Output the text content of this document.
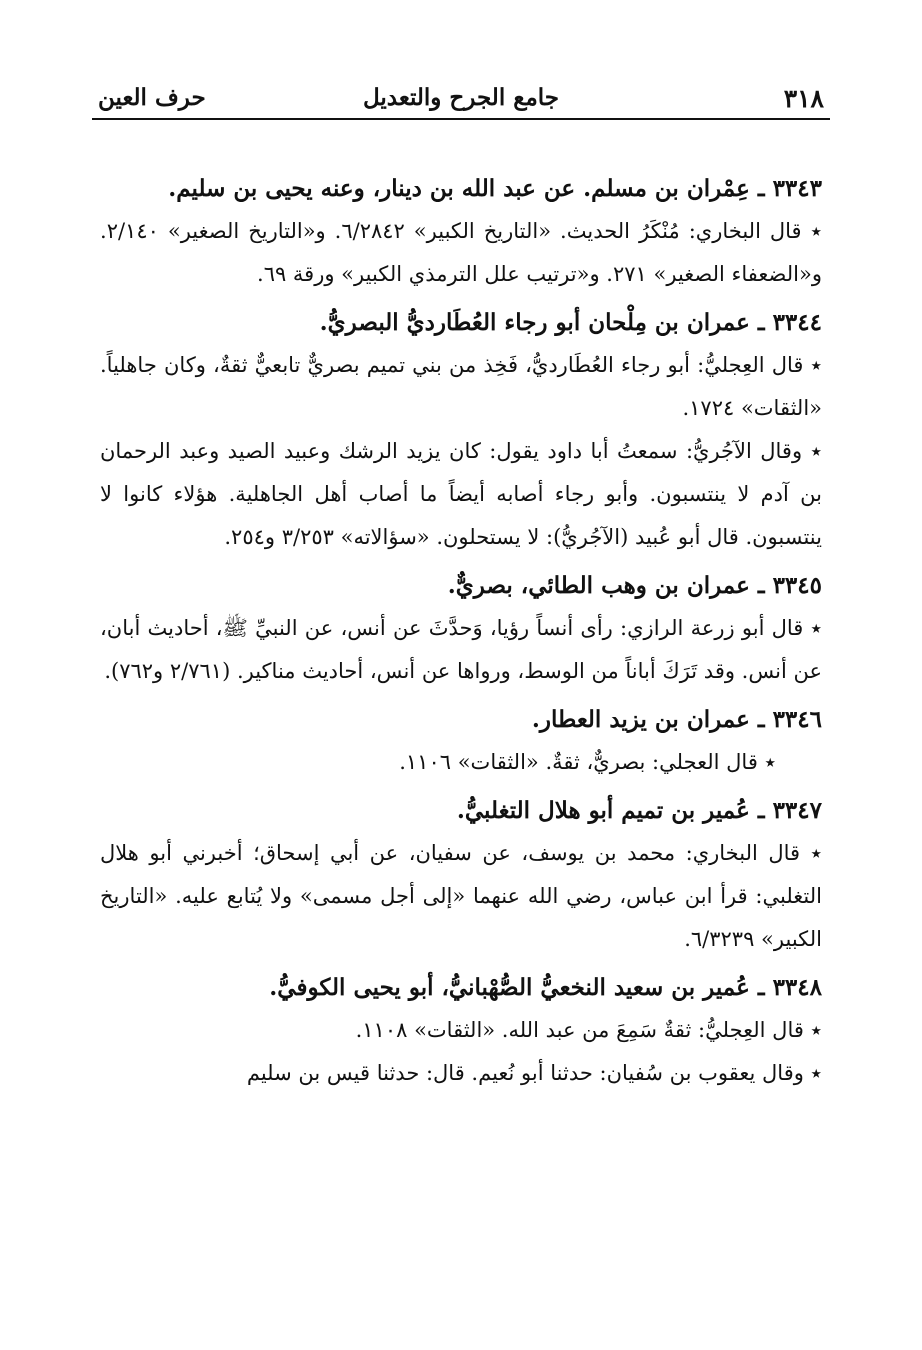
٣١٨
جامع الجرح والتعديل
حرف العين

٣٣٤٣ ـ عِمْران بن مسلم. عن عبد الله بن دينار، وعنه يحيى بن سليم.

٭ قال البخاري: مُنْكَرُ الحديث. «التاريخ الكبير» ٦/٢٨٤٢. و«التاريخ الصغير» ٢/١٤٠. و«الضعفاء الصغير» ٢٧١. و«ترتيب علل الترمذي الكبير» ورقة ٦٩.

٣٣٤٤ ـ عمران بن مِلْحان أبو رجاء العُطَارديُّ البصريُّ.

٭ قال العِجليُّ: أبو رجاء العُطَارديُّ، فَخِذ من بني تميم بصريٌّ تابعيٌّ ثقةٌ، وكان جاهلياً. «الثقات» ١٧٢٤.

٭ وقال الآجُريُّ: سمعتُ أبا داود يقول: كان يزيد الرشك وعبيد الصيد وعبد الرحمان بن آدم لا ينتسبون. وأبو رجاء أصابه أيضاً ما أصاب أهل الجاهلية. هؤلاء كانوا لا ينتسبون. قال أبو عُبيد (الآجُريُّ): لا يستحلون. «سؤالاته» ٣/٢٥٣ و٢٥٤.

٣٣٤٥ ـ عمران بن وهب الطائي، بصريٌّ.

٭ قال أبو زرعة الرازي: رأى أنساً رؤيا، وَحدَّثَ عن أنس، عن النبيِّ ﷺ، أحاديث أبان، عن أنس. وقد تَرَكَ أباناً من الوسط، ورواها عن أنس، أحاديث مناكير. (٢/٧٦١ و٧٦٢).

٣٣٤٦ ـ عمران بن يزيد العطار.

٭ قال العجلي: بصريٌّ، ثقةٌ. «الثقات» ١١٠٦.

٣٣٤٧ ـ عُمير بن تميم أبو هلال التغلبيُّ.

٭ قال البخاري: محمد بن يوسف، عن سفيان، عن أبي إسحاق؛ أخبرني أبو هلال التغلبي: قرأ ابن عباس، رضي الله عنهما «إلى أجل مسمى» ولا يُتابع عليه. «التاريخ الكبير» ٦/٣٢٣٩.

٣٣٤٨ ـ عُمير بن سعيد النخعيُّ الصُّهْبانيُّ، أبو يحيى الكوفيُّ.

٭ قال العِجليُّ: ثقةٌ سَمِعَ من عبد الله. «الثقات» ١١٠٨.

٭ وقال يعقوب بن سُفيان: حدثنا أبو نُعيم. قال: حدثنا قيس بن سليم
